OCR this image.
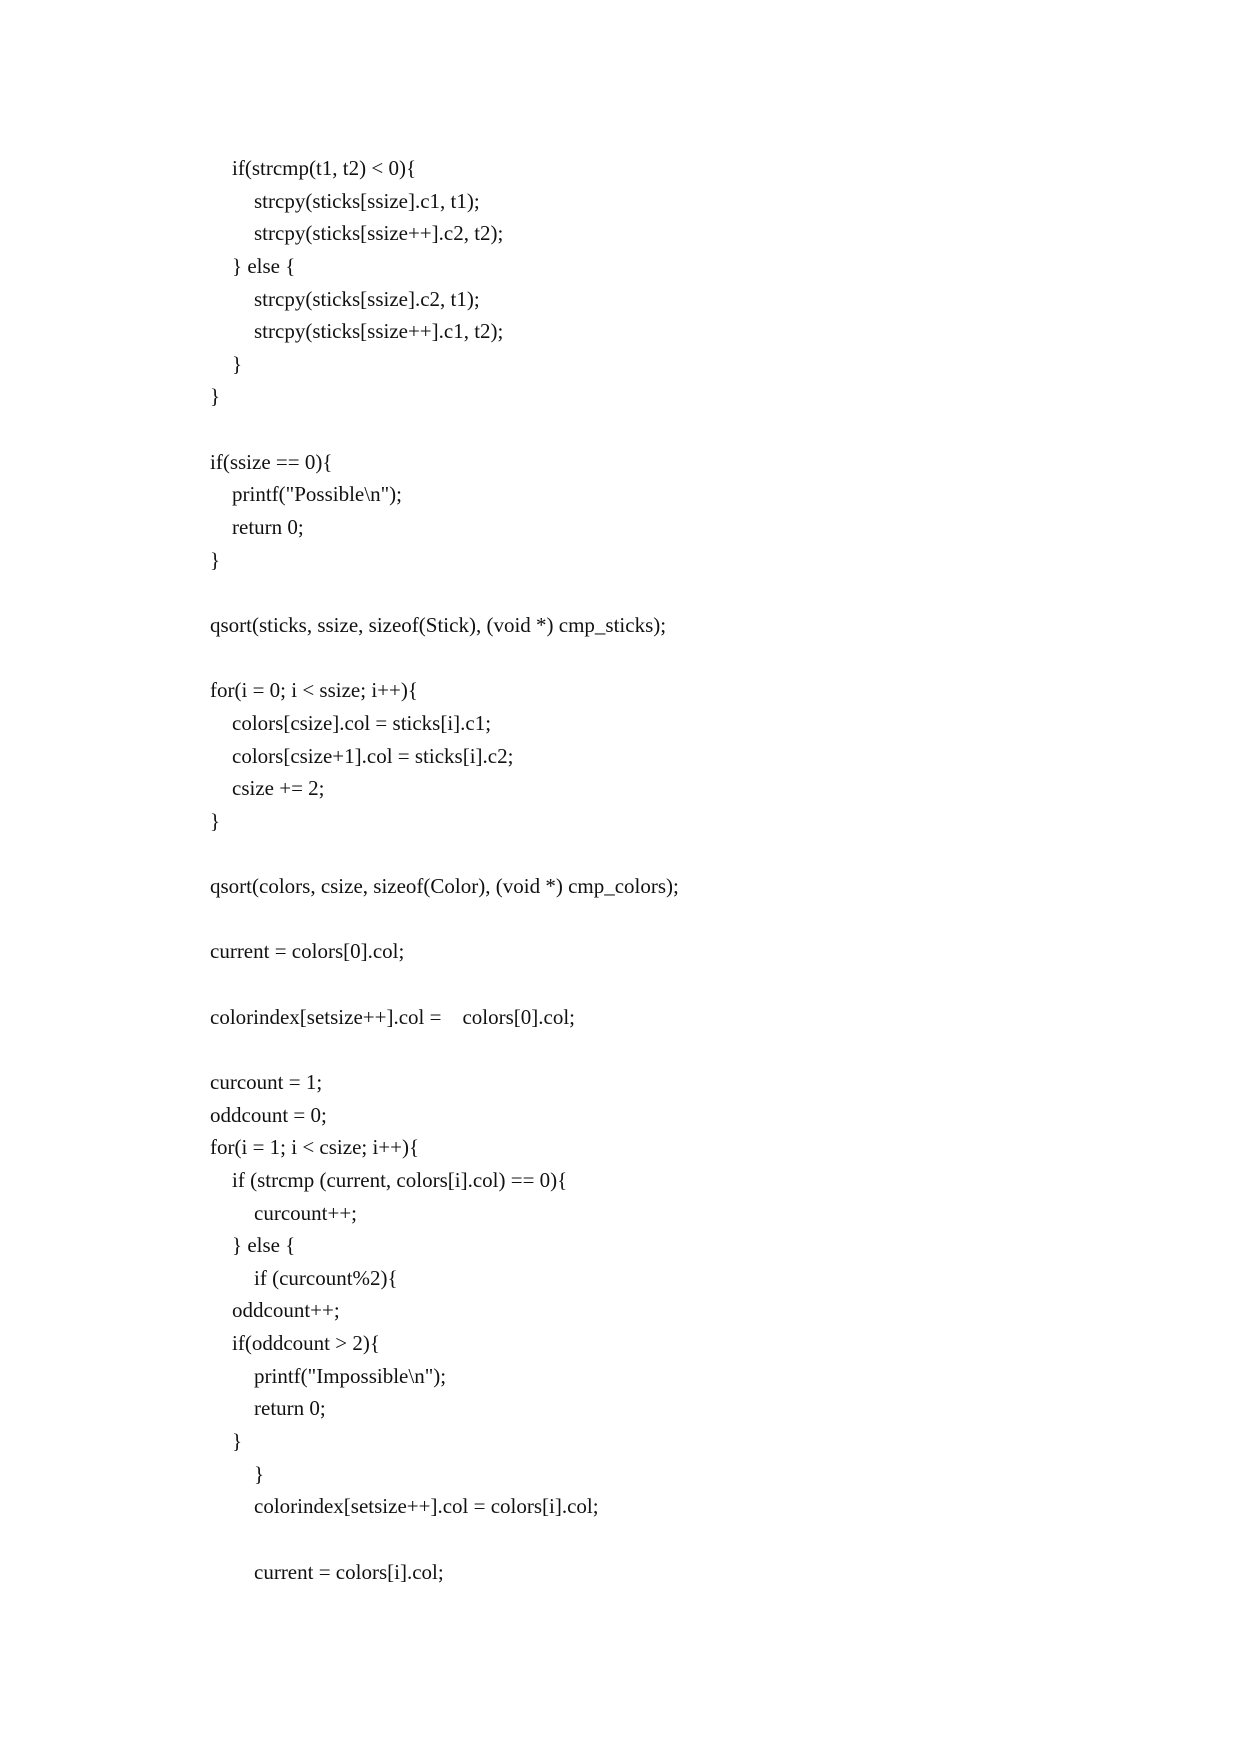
if(strcmp(t1, t2) < 0){
strcpy(sticks[ssize].c1, t1);
strcpy(sticks[ssize++].c2, t2);
} else {
strcpy(sticks[ssize].c2, t1);
strcpy(sticks[ssize++].c1, t2);
}
}
if(ssize == 0){
printf("Possible\n");
return 0;
}
qsort(sticks, ssize, sizeof(Stick), (void *) cmp_sticks);
for(i = 0; i < ssize; i++){
colors[csize].col = sticks[i].c1;
colors[csize+1].col = sticks[i].c2;
csize += 2;
}
qsort(colors, csize, sizeof(Color), (void *) cmp_colors);
current = colors[0].col;
colorindex[setsize++].col =    colors[0].col;
curcount = 1;
oddcount = 0;
for(i = 1; i < csize; i++){
if (strcmp (current, colors[i].col) == 0){
curcount++;
} else {
if (curcount%2){
oddcount++;
if(oddcount > 2){
printf("Impossible\n");
return 0;
}
}
colorindex[setsize++].col = colors[i].col;
current = colors[i].col;
